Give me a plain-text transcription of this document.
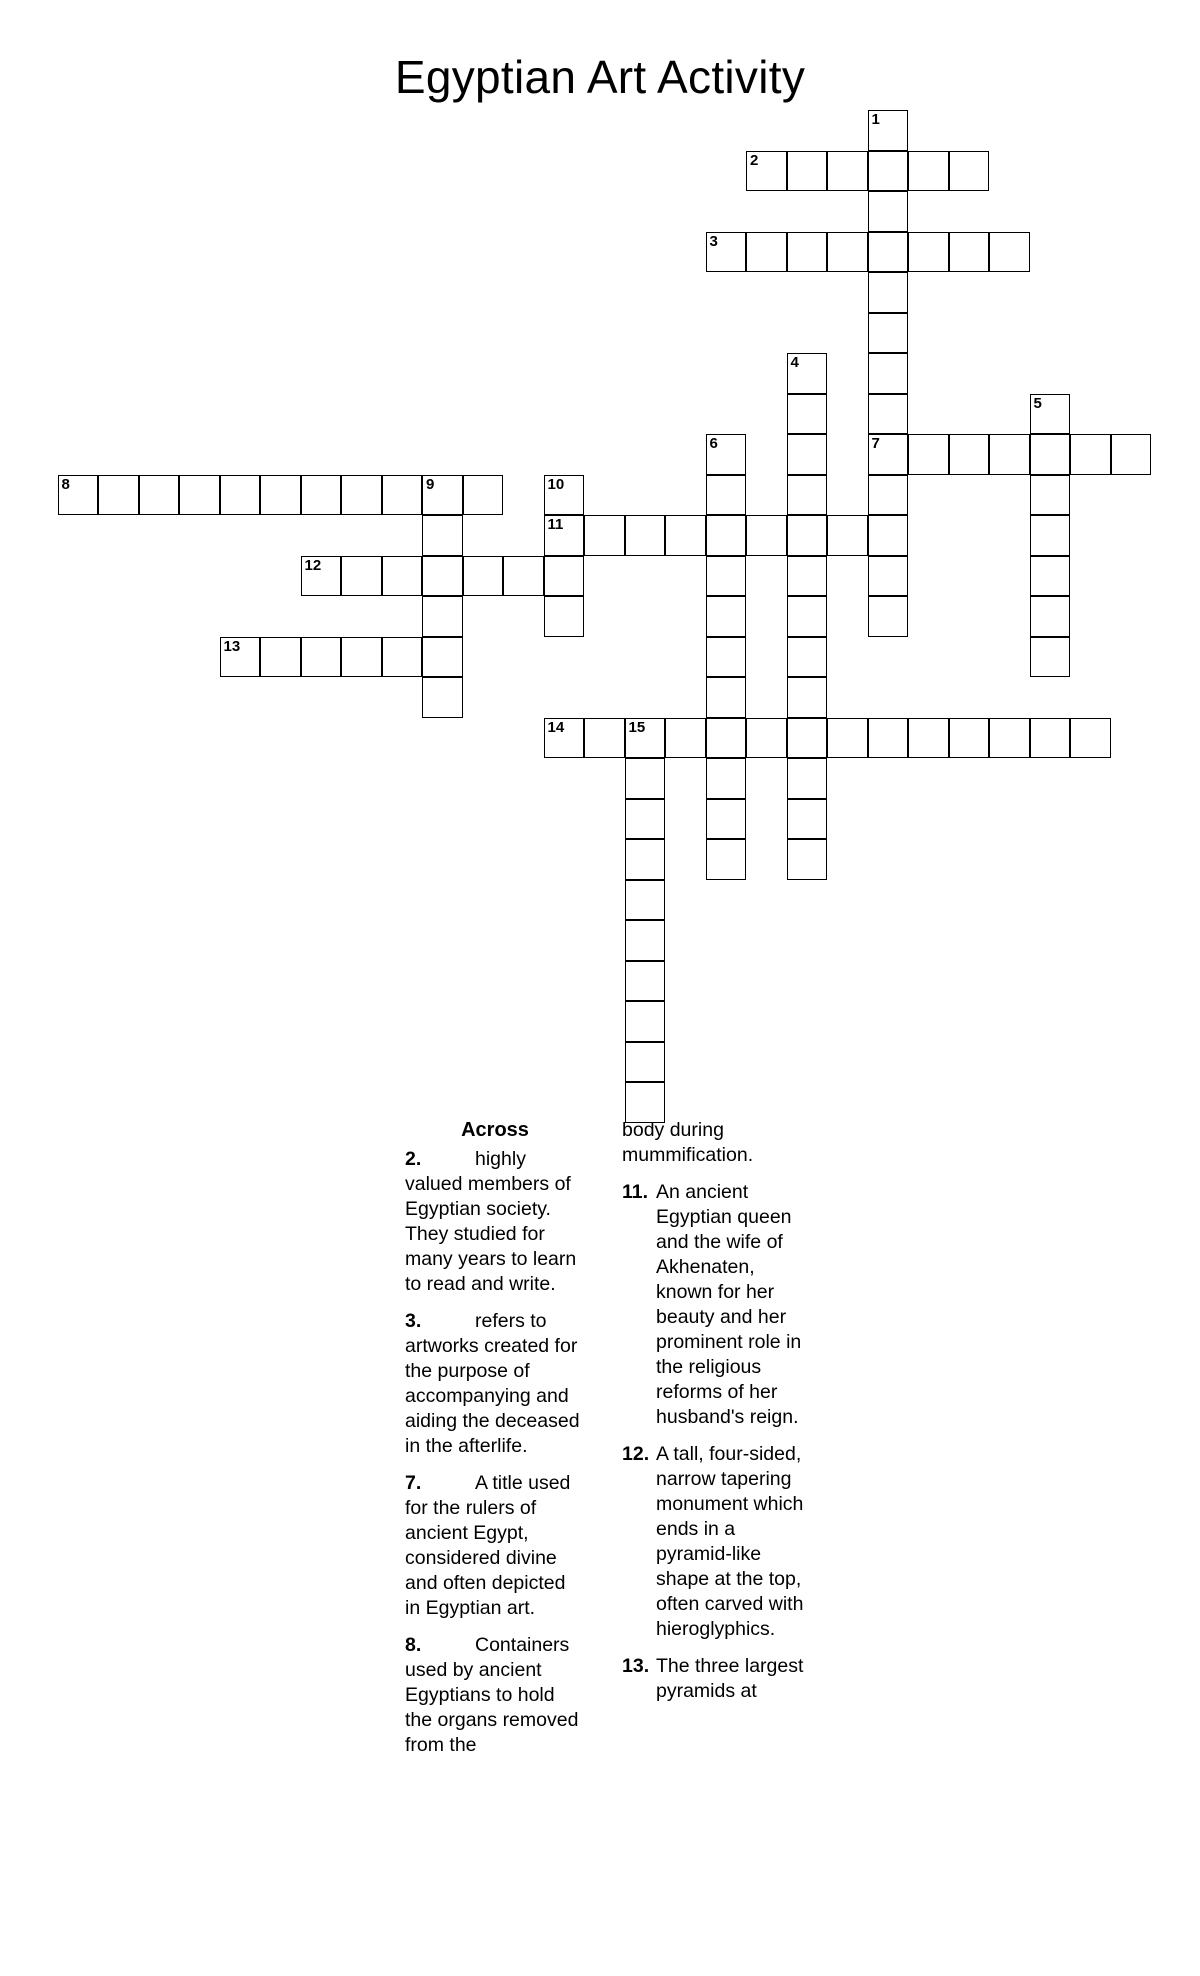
Egyptian Art Activity
1
7
2
3
4
5
6
8	9	10
11
12
13
14	15
Across
2.	highly valued members of Egyptian society. They studied for many years to learn to read and write.
3.	refers to artworks created for the purpose of accompanying and aiding the deceased in the afterlife.
7.	A title used for the rulers of ancient Egypt, considered divine and often depicted in Egyptian art.
8.	Containers used by ancient Egyptians to hold the organs removed from the
body during mummification.
11. An ancient Egyptian queen and the wife of Akhenaten, known for her beauty and her prominent role in the religious reforms of her husband's reign.
12. A tall, four-sided, narrow tapering monument which ends in a pyramid-like shape at the top, often carved with hieroglyphics.
13. The three largest pyramids at
